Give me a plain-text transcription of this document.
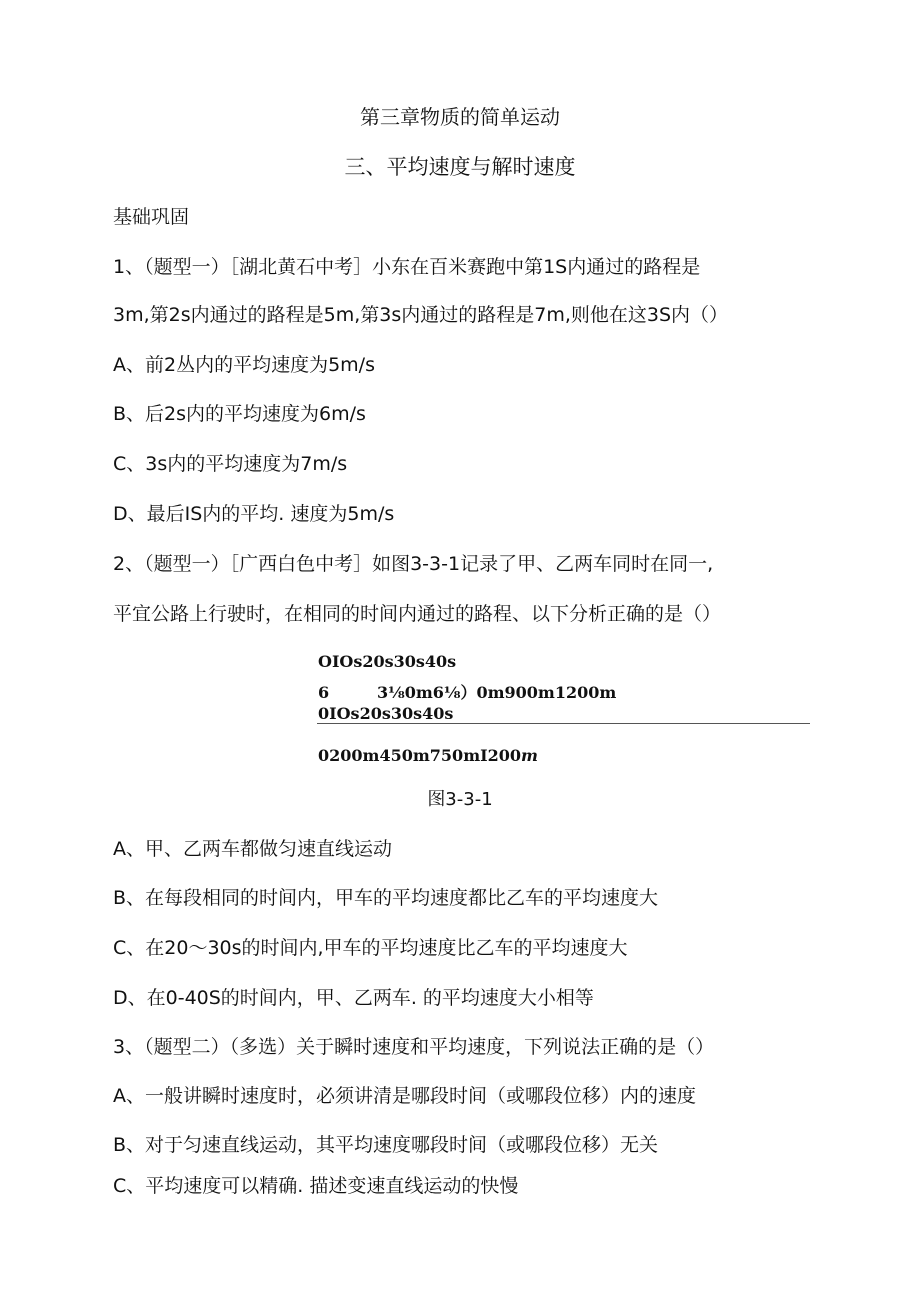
第三章物质的简单运动
三、平均速度与解时速度
基础巩固
1、（题型一）［湖北黄石中考］小东在百米赛跑中第1S内通过的路程是
3m,第2s内通过的路程是5m,第3s内通过的路程是7m,则他在这3S内（）
A、前2丛内的平均速度为5m/s
B、后2s内的平均速度为6m/s
C、3s内的平均速度为7m/s
D、最后IS内的平均. 速度为5m/s
2、（题型一）［广西白色中考］如图3-3-1记录了甲、乙两车同时在同一,
平宜公路上行驶时，在相同的时间内通过的路程、以下分析正确的是（）
OIOs20s30s40s
6	3⅛0m6⅛）0m900m1200m
0IOs20s30s40s
0200m450m750mI200m
图3-3-1
A、甲、乙两车都做匀速直线运动
B、在每段相同的时间内，甲车的平均速度都比乙车的平均速度大
C、在20〜30s的时间内,甲车的平均速度比乙车的平均速度大
D、在0-40S的时间内，甲、乙两车. 的平均速度大小相等
3、（题型二）（多选）关于瞬时速度和平均速度，下列说法正确的是（）
A、一般讲瞬时速度时，必须讲清是哪段时间（或哪段位移）内的速度
B、对于匀速直线运动，其平均速度哪段时间（或哪段位移）无关
C、平均速度可以精确. 描述变速直线运动的快慢
